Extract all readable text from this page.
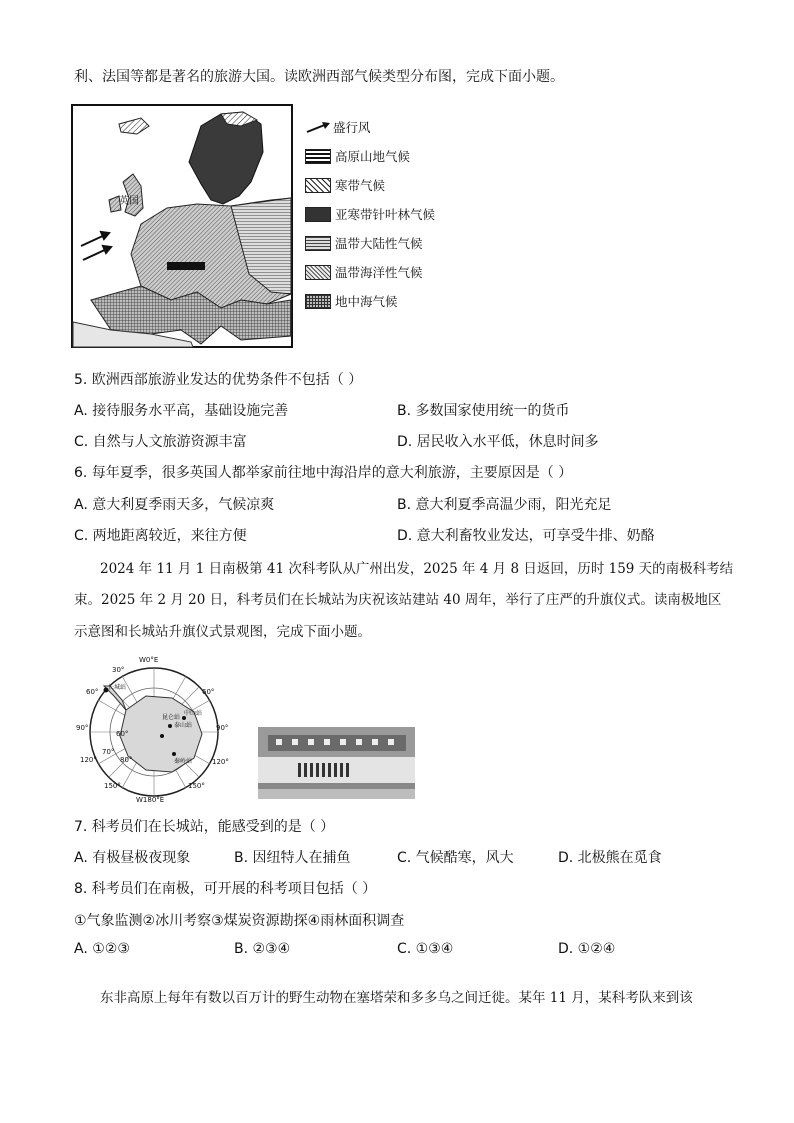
利、法国等都是著名的旅游大国。读欧洲西部气候类型分布图，完成下面小题。
英国
盛行风
高原山地气候
寒带气候
亚寒带针叶林气候
温带大陆性气候
温带海洋性气候
地中海气候
5. 欧洲西部旅游业发达的优势条件不包括（ ）
A. 接待服务水平高，基础设施完善	B. 多数国家使用统一的货币
C. 自然与人文旅游资源丰富	D. 居民收入水平低，休息时间多
6. 每年夏季，很多英国人都举家前往地中海沿岸的意大利旅游，主要原因是（ ）
A. 意大利夏季雨天多，气候凉爽	B. 意大利夏季高温少雨，阳光充足
C. 两地距离较近，来往方便	D. 意大利畜牧业发达，可享受牛排、奶酪
2024 年 11 月 1 日南极第 41 次科考队从广州出发，2025 年 4 月 8 日返回，历时 159 天的南极科考结
束。2025 年 2 月 20 日，科考员们在长城站为庆祝该站建站 40 周年，举行了庄严的升旗仪式。读南极地区
示意图和长城站升旗仪式景观图，完成下面小题。
W0°E
W180°E
30°
60°
90°
120°
150°
60°
90°
120°
150°
60°
70°
80°
长城站
中山站
泰山站
昆仑站
秦岭站
7. 科考员们在长城站，能感受到的是（ ）
A. 有极昼极夜现象	B. 因纽特人在捕鱼	C. 气候酷寒，风大	D. 北极熊在觅食
8. 科考员们在南极，可开展的科考项目包括（ ）
①气象监测②冰川考察③煤炭资源勘探④雨林面积调查
A. ①②③	B. ②③④	C. ①③④	D. ①②④
东非高原上每年有数以百万计的野生动物在塞塔荣和多多乌之间迁徙。某年 11 月，某科考队来到该
